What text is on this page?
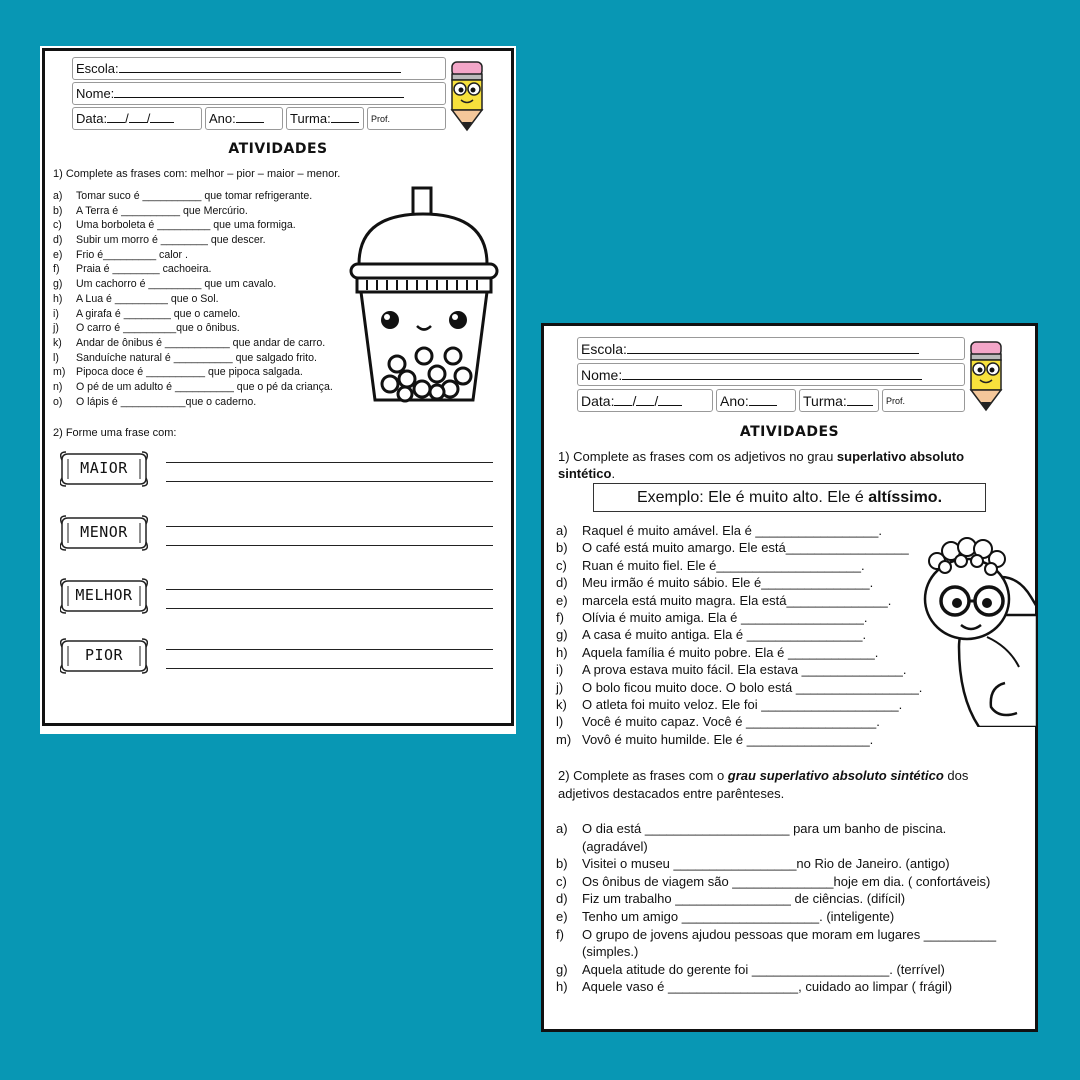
Escola:
Nome:
Data: / /	Ano:	Turma:	Prof.
ATIVIDADES
1) Complete as frases com: melhor – pior – maior – menor.
a) Tomar suco é __________ que tomar refrigerante.
b) A Terra é __________ que Mercúrio.
c) Uma borboleta é _________ que uma formiga.
d) Subir um morro é ________ que descer.
e) Frio é_________ calor .
f) Praia é ________ cachoeira.
g) Um cachorro é _________ que um cavalo.
h) A Lua é _________ que o Sol.
i) A girafa é ________ que o camelo.
j) O carro é _________que o ônibus.
k) Andar de ônibus é ___________ que andar de carro.
l) Sanduíche natural é __________ que salgado frito.
m) Pipoca doce é __________ que pipoca salgada.
n) O pé de um adulto é __________ que o pé da criança.
o) O lápis é ___________que o caderno.
2) Forme uma frase com:
MAIOR
MENOR
MELHOR
PIOR
Escola:
Nome:
Data: / /	Ano:	Turma:	Prof.
ATIVIDADES
1) Complete as frases com os adjetivos no grau superlativo absoluto
sintético.
Exemplo: Ele é muito alto. Ele é altíssimo.
a) Raquel é muito amável. Ela é _________________.
b) O café está muito amargo. Ele está_________________
c) Ruan é muito fiel. Ele é____________________.
d) Meu irmão é muito sábio. Ele é_______________.
e) marcela está muito magra. Ela está______________.
f) Olívia é muito amiga. Ela é _________________.
g) A casa é muito antiga. Ela é ________________.
h) Aquela família é muito pobre. Ela é ____________.
i) A prova estava muito fácil. Ela estava ______________.
j) O bolo ficou muito doce. O bolo está _________________.
k) O atleta foi muito veloz. Ele foi ___________________.
l) Você é muito capaz. Você é __________________.
m) Vovô é muito humilde. Ele é _________________.
2) Complete as frases com o grau superlativo absoluto sintético dos
adjetivos destacados entre parênteses.
a) O dia está ____________________ para um banho de piscina.
(agradável)
b) Visitei o museu _________________no Rio de Janeiro. (antigo)
c) Os ônibus de viagem são ______________hoje em dia. ( confortáveis)
d) Fiz um trabalho ________________ de ciências. (difícil)
e) Tenho um amigo ___________________. (inteligente)
f) O grupo de jovens ajudou pessoas que moram em lugares __________
(simples.)
g) Aquela atitude do gerente foi ___________________. (terrível)
h) Aquele vaso é __________________, cuidado ao limpar ( frágil)
